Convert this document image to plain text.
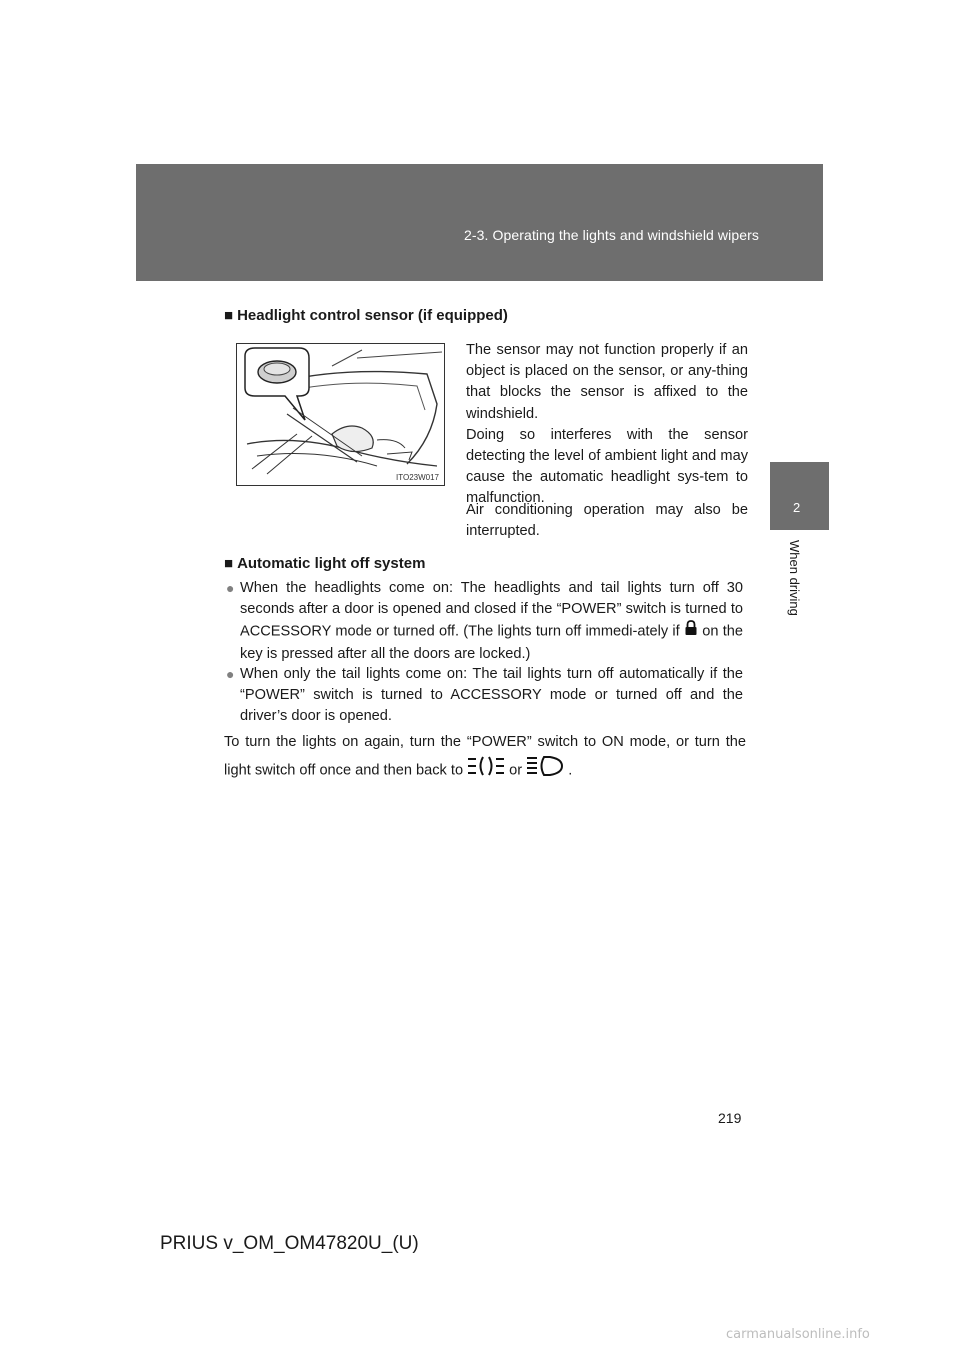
2-3. Operating the lights and windshield wipers
2
When driving
■ Headlight control sensor (if equipped)
ITO23W017
The sensor may not function properly if an object is placed on the sensor, or any-thing that blocks the sensor is affixed to the windshield.
Doing so interferes with the sensor detecting the level of ambient light and may cause the automatic headlight sys-tem to malfunction.
Air conditioning operation may also be interrupted.
■ Automatic light off system
● When the headlights come on: The headlights and tail lights turn off 30 seconds after a door is opened and closed if the “POWER” switch is turned to ACCESSORY mode or turned off. (The lights turn off immedi-ately if  on the key is pressed after all the doors are locked.)
● When only the tail lights come on: The tail lights turn off automatically if the “POWER” switch is turned to ACCESSORY mode or turned off and the driver’s door is opened.
To turn the lights on again, turn the “POWER” switch to ON mode, or turn the light switch off once and then back to	or	.
219
PRIUS v_OM_OM47820U_(U)
carmanualsonline.info
